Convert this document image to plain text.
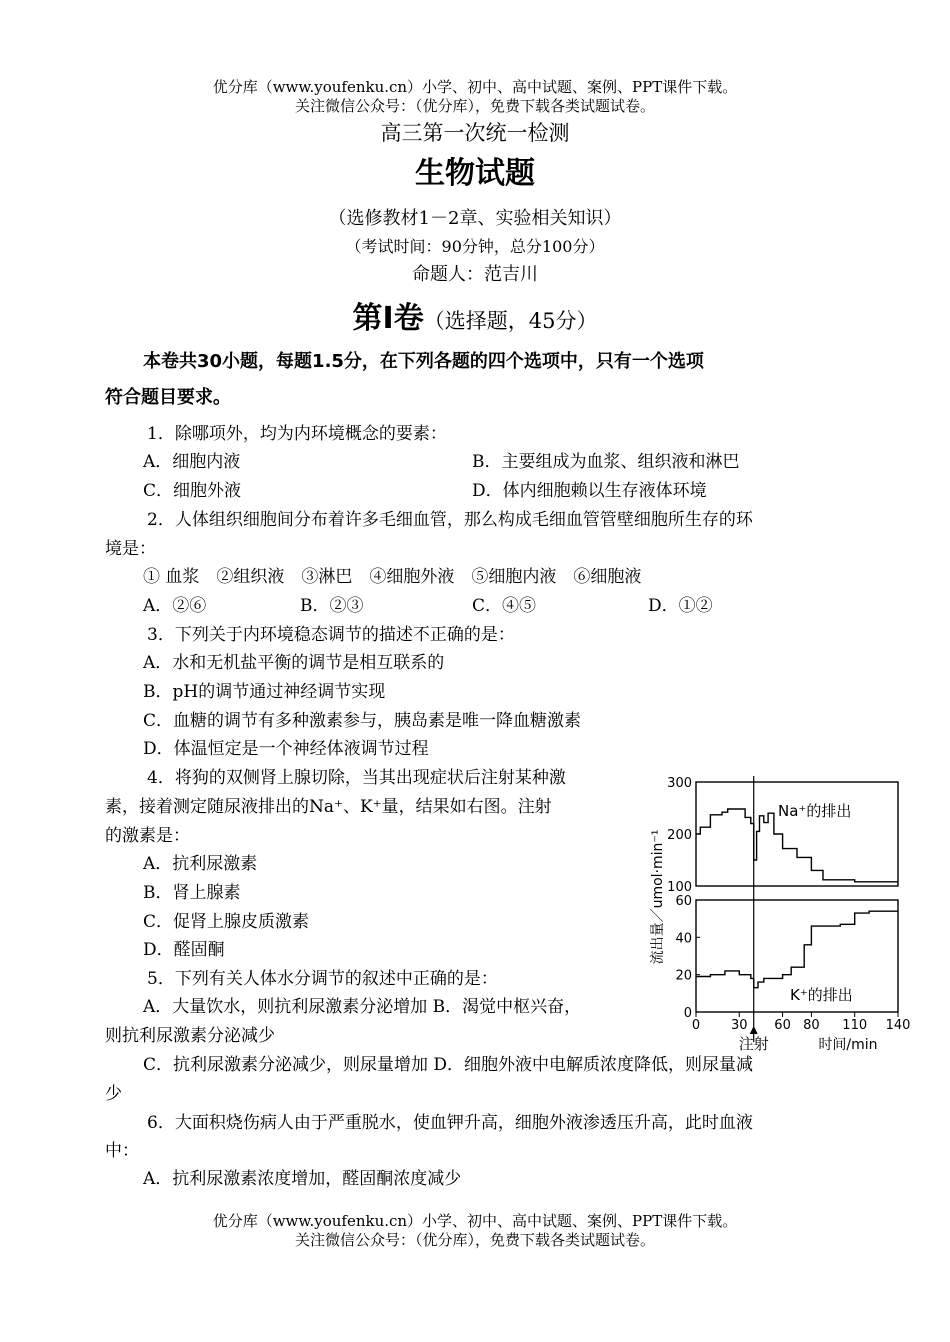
优分库（www.youfenku.cn）小学、初中、高中试题、案例、PPT课件下载。
关注微信公众号：（优分库），免费下载各类试题试卷。
高三第一次统一检测
生物试题
（选修教材1－2章、实验相关知识）
（考试时间：90分钟，总分100分）
命题人：范吉川
第Ⅰ卷（选择题，45分）
本卷共30小题，每题1.5分，在下列各题的四个选项中，只有一个选项
符合题目要求。
1．除哪项外，均为内环境概念的要素：
A．细胞内液	B．主要组成为血浆、组织液和淋巴
C．细胞外液	D．体内细胞赖以生存液体环境
2．人体组织细胞间分布着许多毛细血管，那么构成毛细血管管壁细胞所生存的环
境是：
① 血浆　②组织液　③淋巴　④细胞外液　⑤细胞内液　⑥细胞液
A．②⑥	B．②③	C．④⑤	D．①②
3．下列关于内环境稳态调节的描述不正确的是：
A．水和无机盐平衡的调节是相互联系的
B．pH的调节通过神经调节实现
C．血糖的调节有多种激素参与，胰岛素是唯一降血糖激素
D．体温恒定是一个神经体液调节过程
4．将狗的双侧肾上腺切除，当其出现症状后注射某种激
素，接着测定随尿液排出的Na⁺、K⁺量，结果如右图。注射
的激素是：
A．抗利尿激素
B．肾上腺素
C．促肾上腺皮质激素
D．醛固酮
5．下列有关人体水分调节的叙述中正确的是：
A．大量饮水，则抗利尿激素分泌增加 B．渴觉中枢兴奋，
则抗利尿激素分泌减少
C．抗利尿激素分泌减少，则尿量增加 D．细胞外液中电解质浓度降低，则尿量减
少
6．大面积烧伤病人由于严重脱水，使血钾升高，细胞外液渗透压升高，此时血液
中：
A．抗利尿激素浓度增加，醛固酮浓度减少
优分库（www.youfenku.cn）小学、初中、高中试题、案例、PPT课件下载。
关注微信公众号：（优分库），免费下载各类试题试卷。
300
200
100
60
40
20
0
Na⁺的排出
K⁺的排出
0 30 60 80 110 140
注射	时间/min
流出量／umol·min⁻¹
